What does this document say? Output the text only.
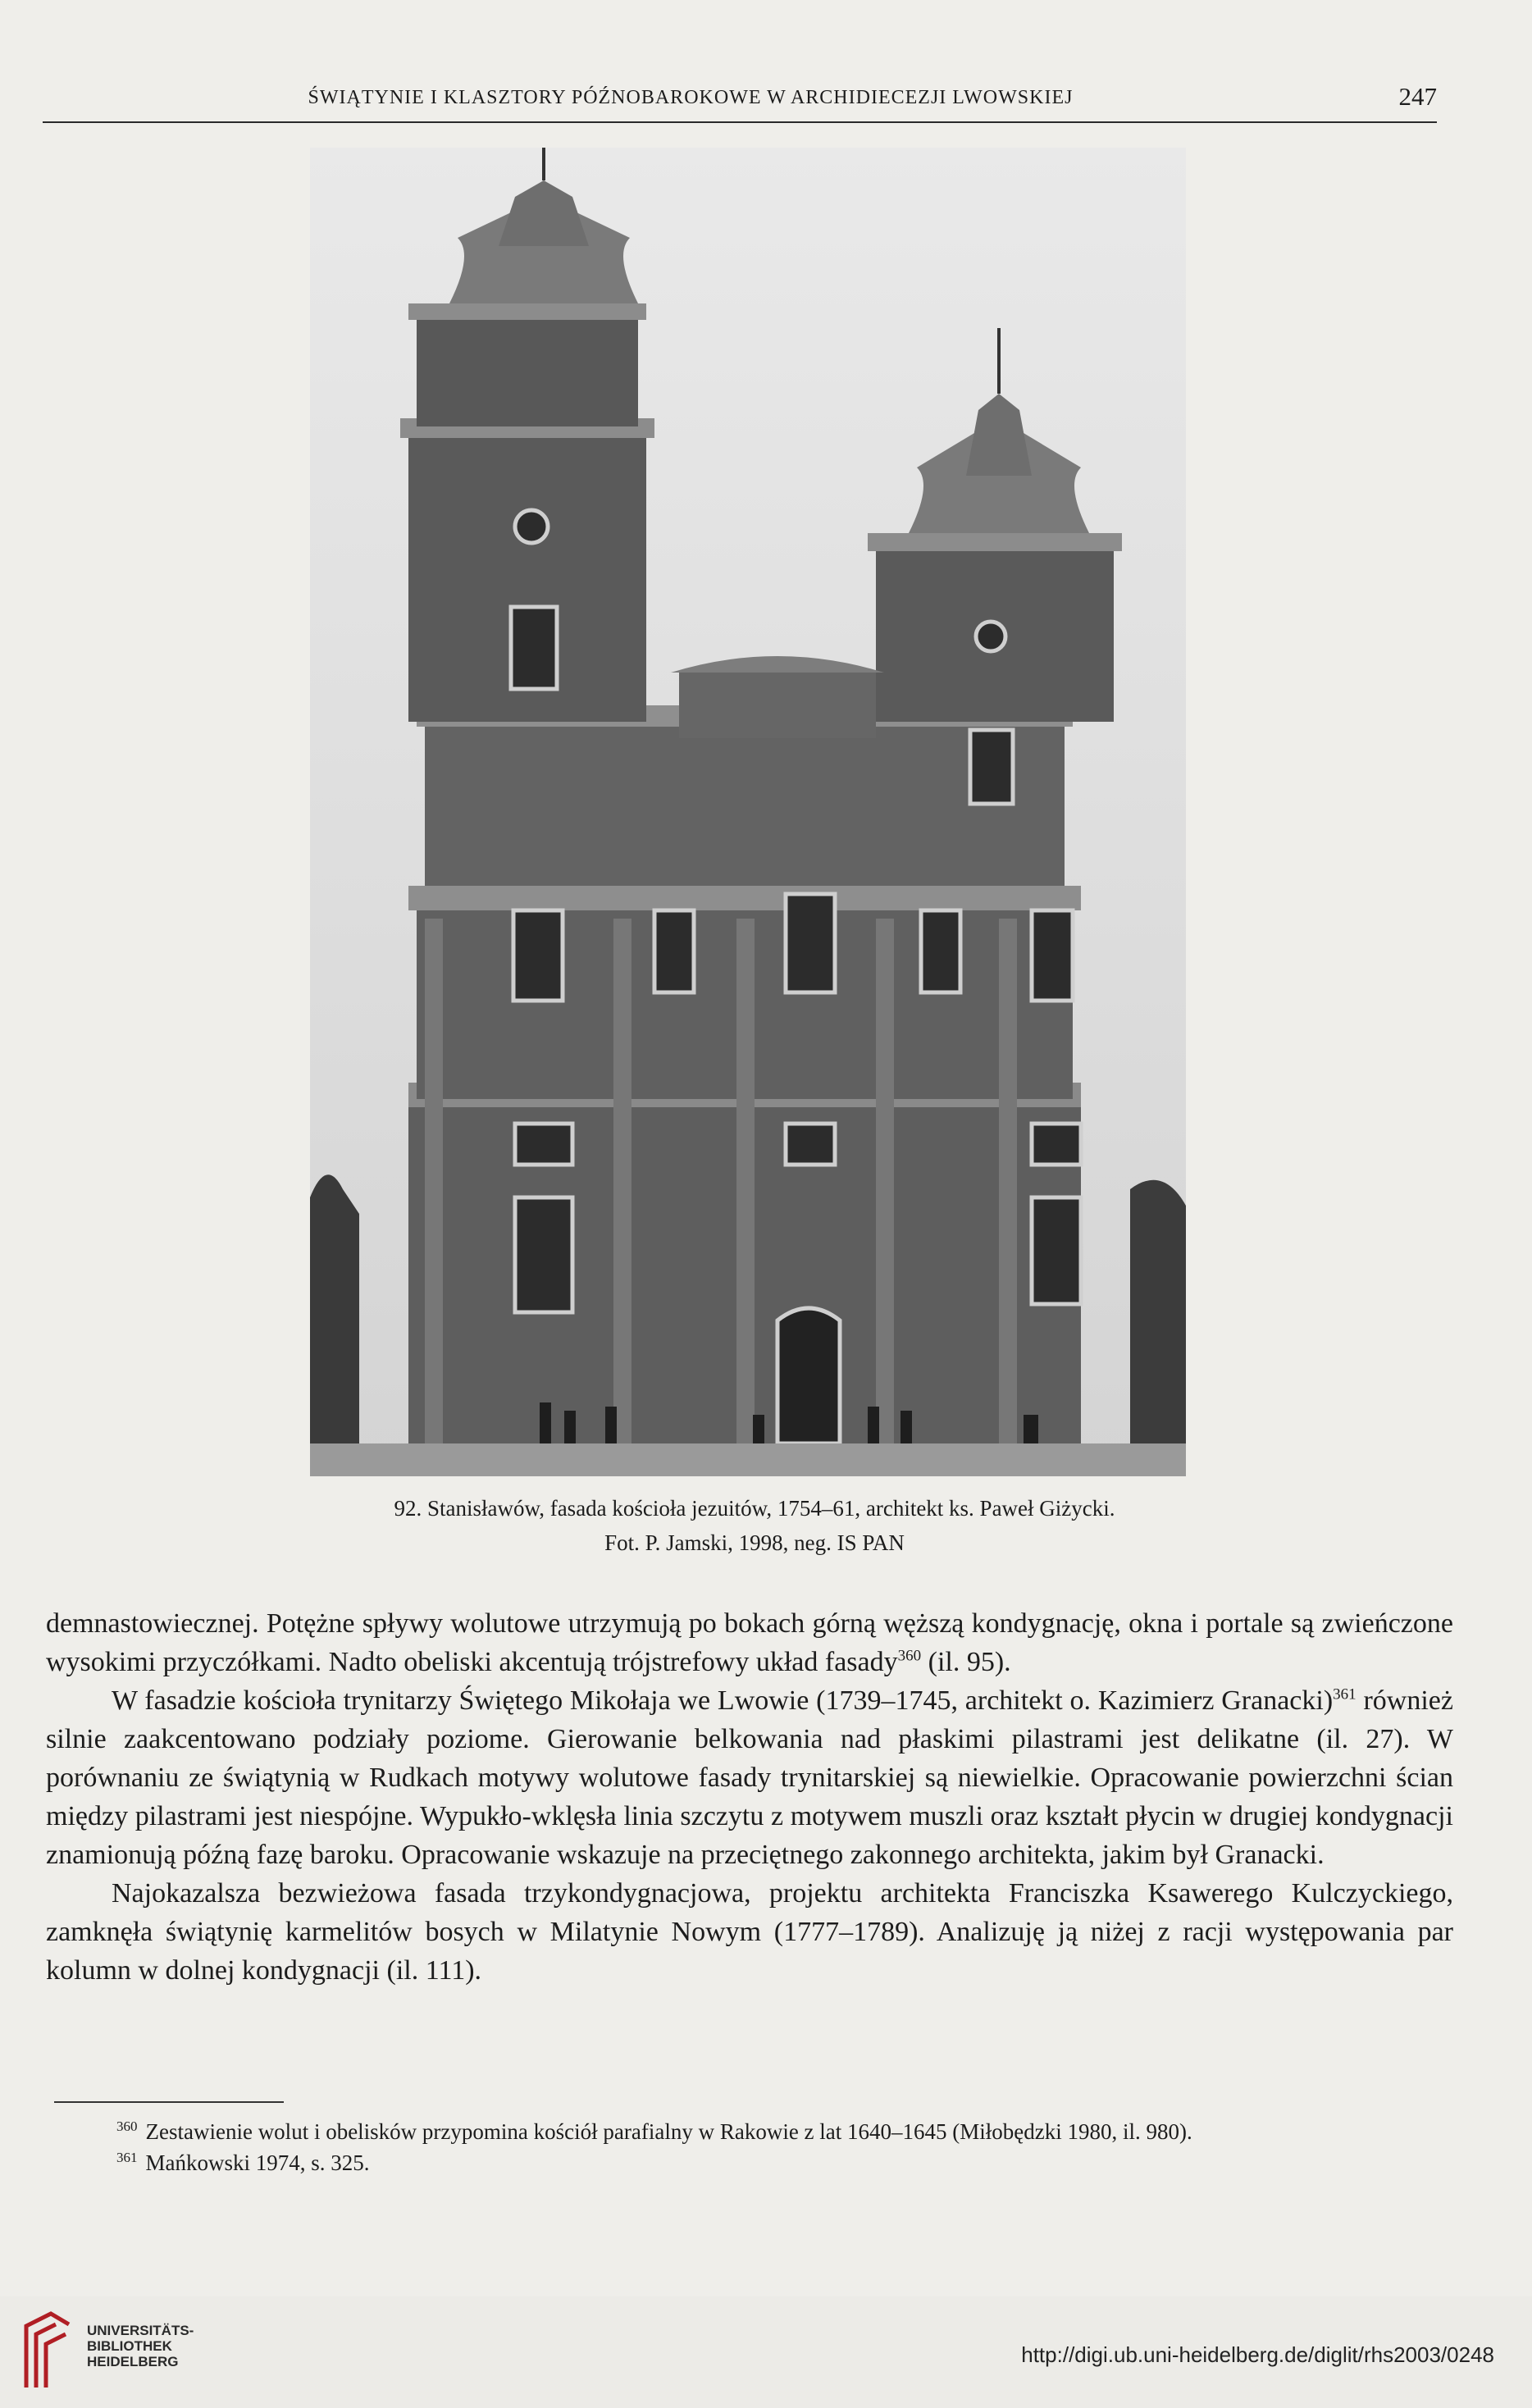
ŚWIĄTYNIE I KLASZTORY PÓŹNOBAROKOWE W ARCHIDIECEZJI LWOWSKIEJ	247
92. Stanisławów, fasada kościoła jezuitów, 1754–61, architekt ks. Paweł Giżycki.
Fot. P. Jamski, 1998, neg. IS PAN

demnastowiecznej. Potężne spływy wolutowe utrzymują po bokach górną węższą kondygnację, okna i portale są zwieńczone wysokimi przyczółkami. Nadto obeliski akcentują trójstrefowy układ fasady$^{360}$ (il. 95).

W fasadzie kościoła trynitarzy Świętego Mikołaja we Lwowie (1739–1745, architekt o. Kazimierz Granacki)$^{361}$ również silnie zaakcentowano podziały poziome. Gierowanie belkowania nad płaskimi pilastrami jest delikatne (il. 27). W porównaniu ze świątynią w Rudkach motywy wolutowe fasady trynitarskiej są niewielkie. Opracowanie powierzchni ścian między pilastrami jest niespójne. Wypukło-wklęsła linia szczytu z motywem muszli oraz kształt płycin w drugiej kondygnacji znamionują późną fazę baroku. Opracowanie wskazuje na przeciętnego zakonnego architekta, jakim był Granacki.

Najokazalsza bezwieżowa fasada trzykondygnacjowa, projektu architekta Franciszka Ksawerego Kulczyckiego, zamknęła świątynię karmelitów bosych w Milatynie Nowym (1777–1789). Analizuję ją niżej z racji występowania par kolumn w dolnej kondygnacji (il. 111).

$^{360}$ Zestawienie wolut i obelisków przypomina kościół parafialny w Rakowie z lat 1640–1645 (Miłobędzki 1980, il. 980).

$^{361}$ Mańkowski 1974, s. 325.

UNIVERSITÄTS-
BIBLIOTHEK
HEIDELBERG	http://digi.ub.uni-heidelberg.de/diglit/rhs2003/0248
